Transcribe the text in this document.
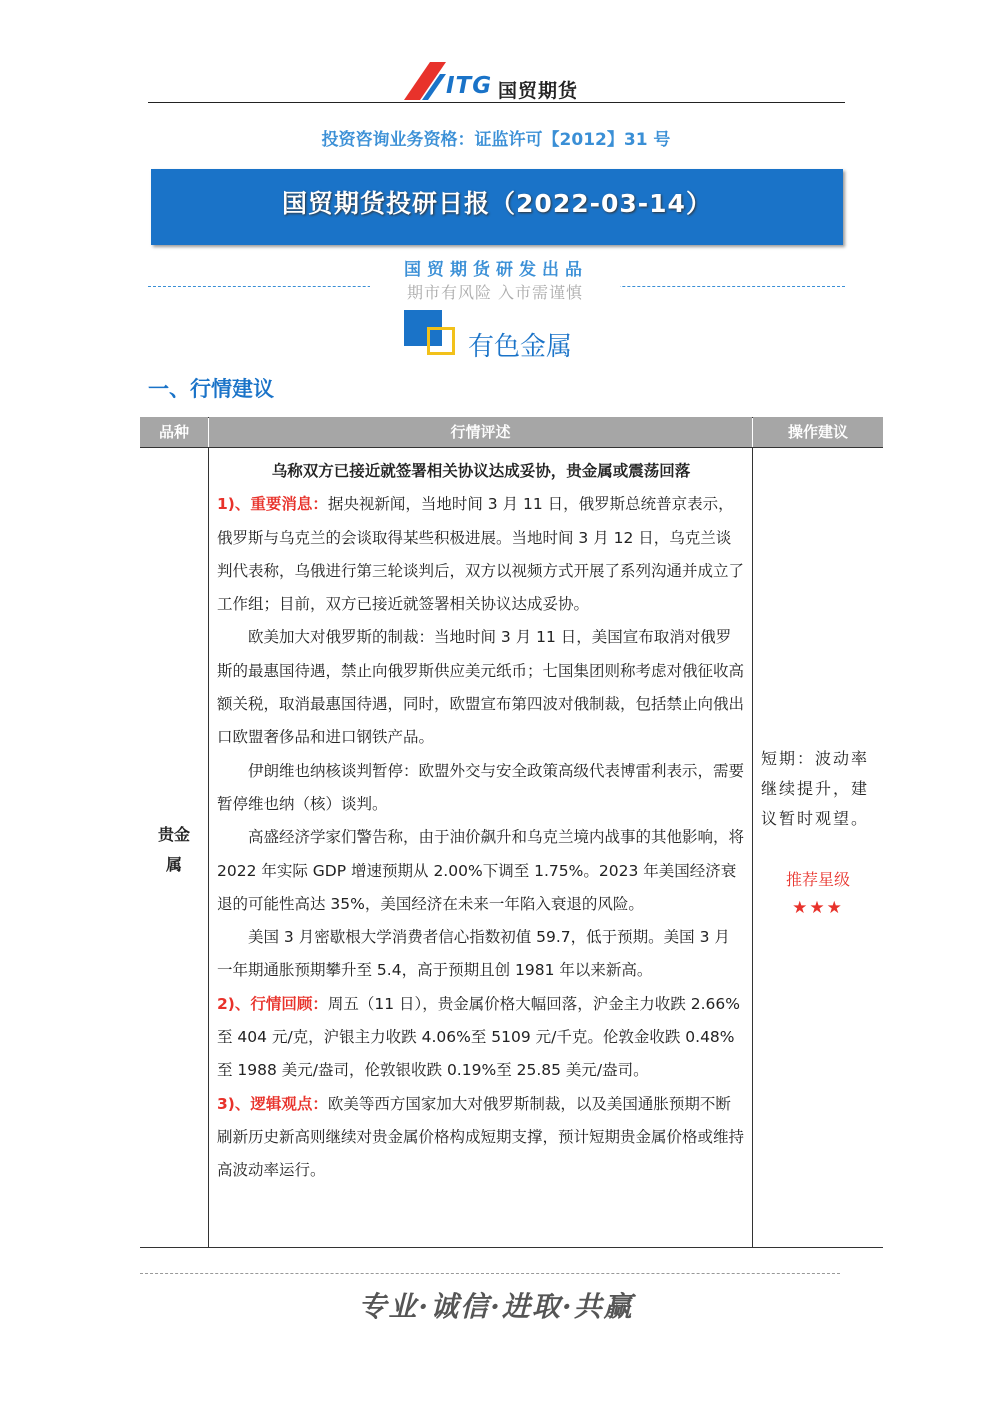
ITG 国贸期货
投资咨询业务资格：证监许可【2012】31 号
国贸期货投研日报（2022-03-14）
国贸期货研发出品
期市有风险 入市需谨慎
有色金属
一、行情建议
品种	行情评述	操作建议
贵金
属

乌称双方已接近就签署相关协议达成妥协，贵金属或震荡回落

1)、重要消息：据央视新闻，当地时间 3 月 11 日，俄罗斯总统普京表示，俄罗斯与乌克兰的会谈取得某些积极进展。当地时间 3 月 12 日，乌克兰谈判代表称，乌俄进行第三轮谈判后，双方以视频方式开展了系列沟通并成立了工作组；目前，双方已接近就签署相关协议达成妥协。

欧美加大对俄罗斯的制裁：当地时间 3 月 11 日，美国宣布取消对俄罗斯的最惠国待遇，禁止向俄罗斯供应美元纸币；七国集团则称考虑对俄征收高额关税，取消最惠国待遇，同时，欧盟宣布第四波对俄制裁，包括禁止向俄出口欧盟奢侈品和进口钢铁产品。

伊朗维也纳核谈判暂停：欧盟外交与安全政策高级代表博雷利表示，需要暂停维也纳（核）谈判。

高盛经济学家们警告称，由于油价飙升和乌克兰境内战事的其他影响，将 2022 年实际 GDP 增速预期从 2.00%下调至 1.75%。2023 年美国经济衰退的可能性高达 35%，美国经济在未来一年陷入衰退的风险。

美国 3 月密歇根大学消费者信心指数初值 59.7，低于预期。美国 3 月一年期通胀预期攀升至 5.4，高于预期且创 1981 年以来新高。

2)、行情回顾：周五（11 日），贵金属价格大幅回落，沪金主力收跌 2.66%至 404 元/克，沪银主力收跌 4.06%至 5109 元/千克。伦敦金收跌 0.48%至 1988 美元/盎司，伦敦银收跌 0.19%至 25.85 美元/盎司。

3)、逻辑观点：欧美等西方国家加大对俄罗斯制裁，以及美国通胀预期不断刷新历史新高则继续对贵金属价格构成短期支撑，预计短期贵金属价格或维持高波动率运行。

短期：波动率继续提升，建议暂时观望。
推荐星级
★★★
专业·诚信·进取·共赢
